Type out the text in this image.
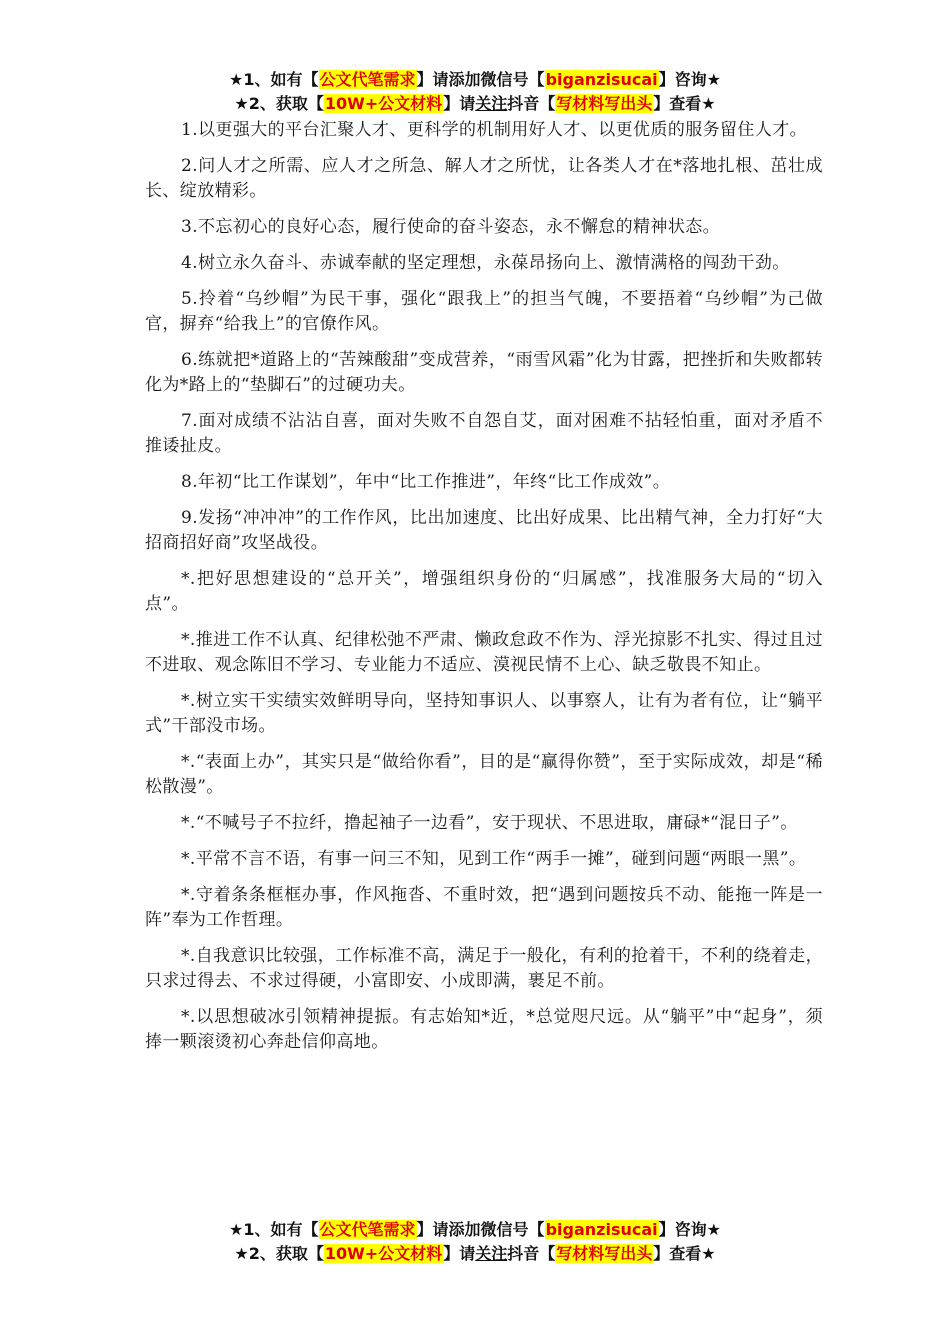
★1、如有【公文代笔需求】请添加微信号【biganzisucai】咨询★
★2、获取【10W+公文材料】请关注抖音【写材料写出头】查看★

1.以更强大的平台汇聚人才、更科学的机制用好人才、以更优质的服务留住人才。

2.问人才之所需、应人才之所急、解人才之所忧，让各类人才在*落地扎根、茁壮成长、绽放精彩。

3.不忘初心的良好心态，履行使命的奋斗姿态，永不懈怠的精神状态。

4.树立永久奋斗、赤诚奉献的坚定理想，永葆昂扬向上、激情满格的闯劲干劲。

5.拎着“乌纱帽”为民干事，强化“跟我上”的担当气魄，不要捂着“乌纱帽”为己做官，摒弃“给我上”的官僚作风。

6.练就把*道路上的“苦辣酸甜”变成营养，“雨雪风霜”化为甘露，把挫折和失败都转化为*路上的“垫脚石”的过硬功夫。

7.面对成绩不沾沾自喜，面对失败不自怨自艾，面对困难不拈轻怕重，面对矛盾不推诿扯皮。

8.年初“比工作谋划”，年中“比工作推进”，年终“比工作成效”。

9.发扬“冲冲冲”的工作作风，比出加速度、比出好成果、比出精气神，全力打好“大招商招好商”攻坚战役。

*.把好思想建设的“总开关”，增强组织身份的“归属感”，找准服务大局的“切入点”。

*.推进工作不认真、纪律松弛不严肃、懒政怠政不作为、浮光掠影不扎实、得过且过不进取、观念陈旧不学习、专业能力不适应、漠视民情不上心、缺乏敬畏不知止。

*.树立实干实绩实效鲜明导向，坚持知事识人、以事察人，让有为者有位，让“躺平式”干部没市场。

*.“表面上办”，其实只是“做给你看”，目的是“赢得你赞”，至于实际成效，却是“稀松散漫”。

*.“不喊号子不拉纤，撸起袖子一边看”，安于现状、不思进取，庸碌*“混日子”。

*.平常不言不语，有事一问三不知，见到工作“两手一摊”，碰到问题“两眼一黑”。

*.守着条条框框办事，作风拖沓、不重时效，把“遇到问题按兵不动、能拖一阵是一阵”奉为工作哲理。

*.自我意识比较强，工作标准不高，满足于一般化，有利的抢着干，不利的绕着走，只求过得去、不求过得硬，小富即安、小成即满，裹足不前。

*.以思想破冰引领精神提振。有志始知*近，*总觉咫尺远。从“躺平”中“起身”，须捧一颗滚烫初心奔赴信仰高地。

★1、如有【公文代笔需求】请添加微信号【biganzisucai】咨询★
★2、获取【10W+公文材料】请关注抖音【写材料写出头】查看★
